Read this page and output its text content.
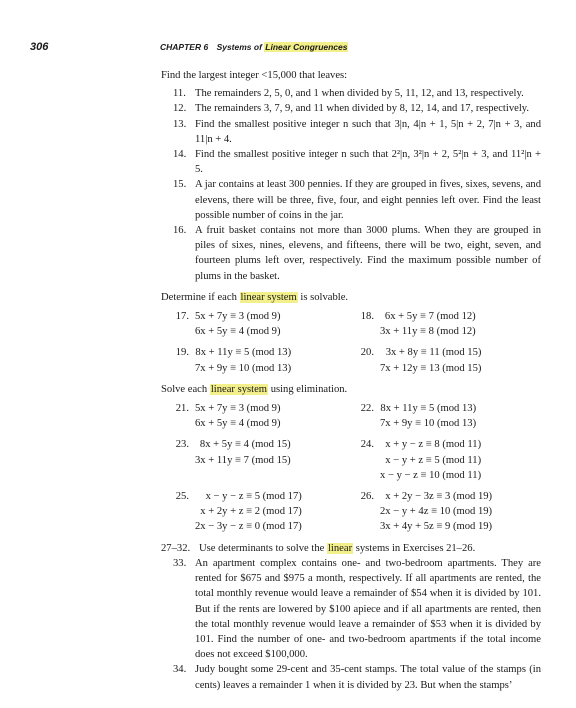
306	CHAPTER 6 Systems of Linear Congruences

Find the largest integer <15,000 that leaves:

11. The remainders 2, 5, 0, and 1 when divided by 5, 11, 12, and 13, respectively.
12. The remainders 3, 7, 9, and 11 when divided by 8, 12, 14, and 17, respectively.
13. Find the smallest positive integer n such that 3|n, 4|n + 1, 5|n + 2, 7|n + 3, and 11|n + 4.
14. Find the smallest positive integer n such that 2²|n, 3²|n + 2, 5²|n + 3, and 11²|n + 5.
15. A jar contains at least 300 pennies. If they are grouped in fives, sixes, sevens, and elevens, there will be three, five, four, and eight pennies left over. Find the least possible number of coins in the jar.
16. A fruit basket contains not more than 3000 plums. When they are grouped in piles of sixes, nines, elevens, and fifteens, there will be two, eight, seven, and fourteen plums left over, respectively. Find the maximum possible number of plums in the basket.

Determine if each linear system is solvable.

17. 5x + 7y ≡ 3 (mod 9)
6x + 5y ≡ 4 (mod 9)
18.	6x + 5y ≡ 7 (mod 12)
3x + 11y ≡ 8 (mod 12)
19. 8x + 11y ≡ 5 (mod 13)
7x + 9y ≡ 10 (mod 13)
20.	3x + 8y ≡ 11 (mod 15)
7x + 12y ≡ 13 (mod 15)

Solve each linear system using elimination.

21. 5x + 7y ≡ 3 (mod 9)
6x + 5y ≡ 4 (mod 9)
22. 8x + 11y ≡ 5 (mod 13)
7x + 9y ≡ 10 (mod 13)
23.	8x + 5y ≡ 4 (mod 15)
3x + 11y ≡ 7 (mod 15)
24.	x + y − z ≡ 8 (mod 11)
x − y + z ≡ 5 (mod 11)
x − y − z ≡ 10 (mod 11)
25.	x − y − z ≡ 5 (mod 17)
x + 2y + z ≡ 2 (mod 17)
2x − 3y − z ≡ 0 (mod 17)
26.	x + 2y − 3z ≡ 3 (mod 19)
2x − y + 4z ≡ 10 (mod 19)
3x + 4y + 5z ≡ 9 (mod 19)
27–32. Use determinants to solve the linear systems in Exercises 21–26.
33. An apartment complex contains one- and two-bedroom apartments. They are rented for $675 and $975 a month, respectively. If all apartments are rented, the total monthly revenue would leave a remainder of $54 when it is divided by 101. But if the rents are lowered by $100 apiece and if all apartments are rented, then the total monthly revenue would leave a remainder of $53 when it is divided by 101. Find the number of one- and two-bedroom apartments if the total income does not exceed $100,000.
34. Judy bought some 29-cent and 35-cent stamps. The total value of the stamps (in cents) leaves a remainder 1 when it is divided by 23. But when the stamps’
